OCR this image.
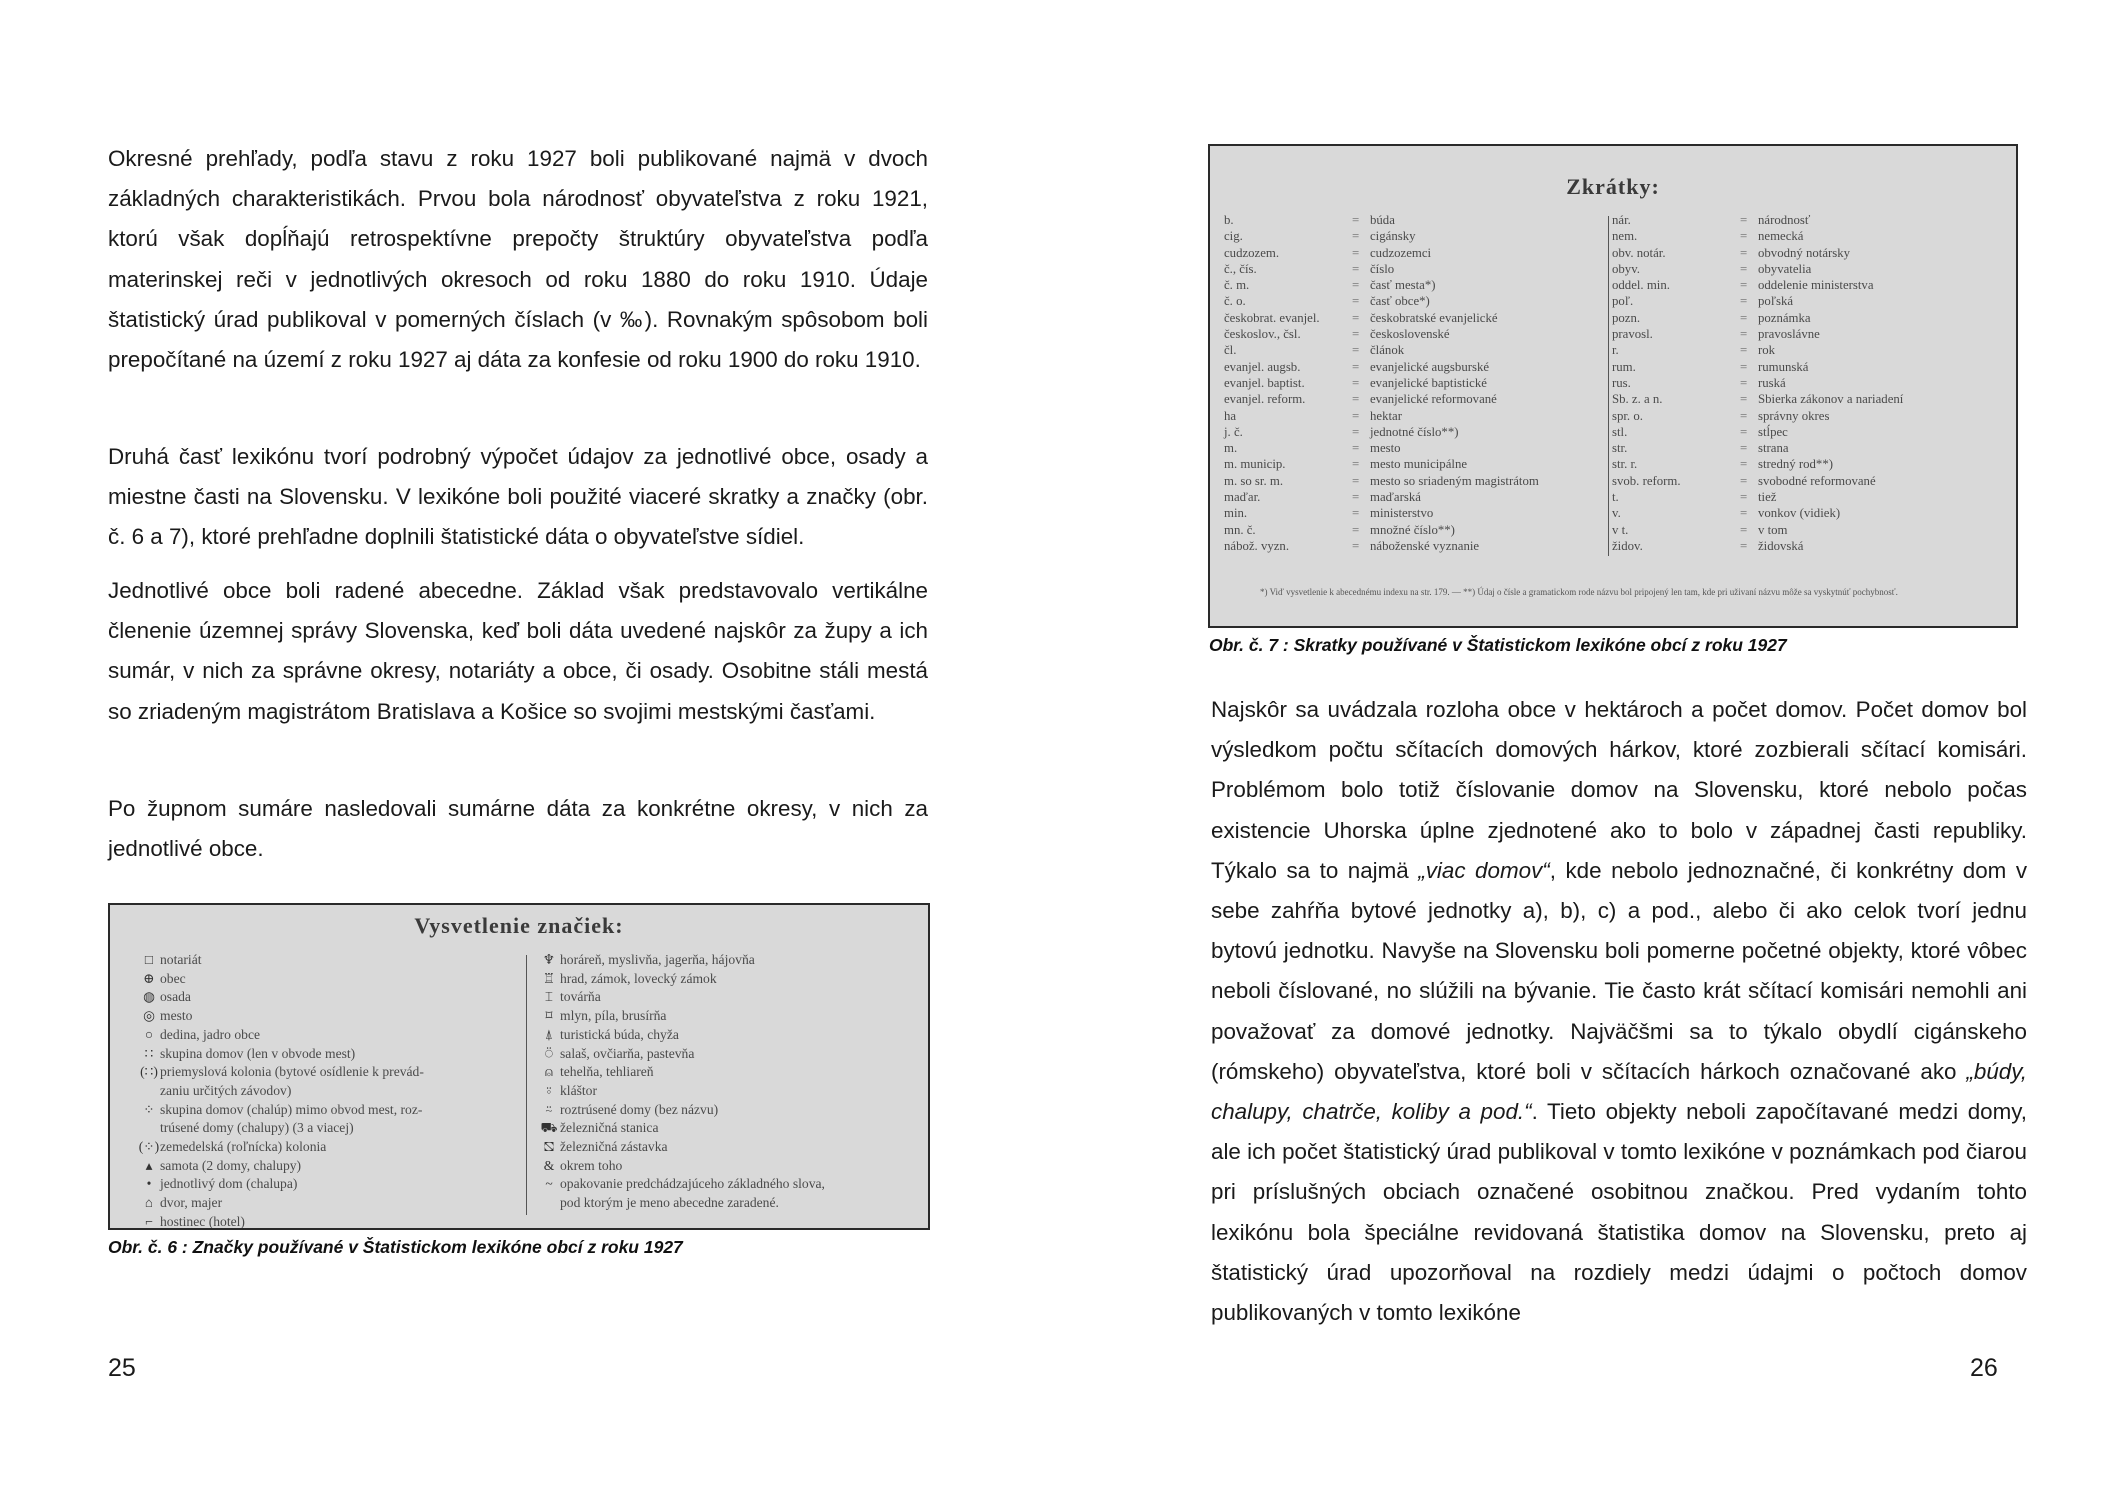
Okresné prehľady, podľa stavu z roku 1927 boli publikované najmä v dvoch základných charakteristikách. Prvou bola národnosť obyvateľstva z roku 1921, ktorú však dopĺňajú retrospektívne prepočty štruktúry obyvateľstva podľa materinskej reči v jednotlivých okresoch od roku 1880 do roku 1910. Údaje štatistický úrad publikoval v pomerných číslach (v ‰). Rovnakým spôsobom boli prepočítané na území z roku 1927 aj dáta za konfesie od roku 1900 do roku 1910.

Druhá časť lexikónu tvorí podrobný výpočet údajov za jednotlivé obce, osady a miestne časti na Slovensku. V lexikóne boli použité viaceré skratky a značky (obr. č. 6 a 7), ktoré prehľadne doplnili štatistické dáta o obyvateľstve sídiel.

Jednotlivé obce boli radené abecedne. Základ však predstavovalo vertikálne členenie územnej správy Slovenska, keď boli dáta uvedené najskôr za župy a ich sumár, v nich za správne okresy, notariáty a obce, či osady. Osobitne stáli mestá so zriadeným magistrátom Bratislava a Košice so svojimi mestskými časťami.

Po župnom sumáre nasledovali sumárne dáta za konkrétne okresy, v nich za jednotlivé obce.

Vysvetlenie značiek:
□ notariát
⊕ obec
◍ osada
◎ mesto
○ dedina, jadro obce
∷ skupina domov (len v obvode mest)
(∷) priemyslová kolonia (bytové osídlenie k prevád-
zaniu určitých závodov)
⁘ skupina domov (chalúp) mimo obvod mest, roz-
trúsené domy (chalupy) (3 a viacej)
(⁘) zemedelská (roľnícka) kolonia
▴ samota (2 domy, chalupy)
• jednotlivý dom (chalupa)
⌂ dvor, majer
⌐ hostinec (hotel)
♆ horáreň, myslivňa, jagerňa, hájovňa
♖ hrad, zámok, lovecký zámok
⌶ továrňa
⌑ mlyn, píla, brusírňa
⍋ turistická búda, chyža
⍥ salaš, ovčiarňa, pastevňa
⍝ tehelňa, tehliareň
⍤ kláštor
⍨ roztrúsené domy (bez názvu)
⛟ železničná stanica
⛞ železničná zástavka
& okrem toho
~ opakovanie predchádzajúceho základného slova,
pod ktorým je meno abecedne zaradené.
Obr. č. 6 : Značky používané v Štatistickom lexikóne obcí z roku 1927
25
Zkrátky:
b.	= búda
cig.	= cigánsky
cudzozem.	= cudzozemci
č., čís.	= číslo
č. m.	= časť mesta*)
č. o.	= časť obce*)
českobrat. evanjel.	= českobratské evanjelické
českoslov., čsl.	= československé
čl.	= článok
evanjel. augsb.	= evanjelické augsburské
evanjel. baptist.	= evanjelické baptistické
evanjel. reform.	= evanjelické reformované
ha	= hektar
j. č.	= jednotné číslo**)
m.	= mesto
m. municip.	= mesto municipálne
m. so sr. m.	= mesto so sriadeným magistrátom
maďar.	= maďarská
min.	= ministerstvo
mn. č.	= množné číslo**)
nábož. vyzn.	= náboženské vyznanie
nár.	= národnosť
nem.	= nemecká
obv. notár.	= obvodný notársky
obyv.	= obyvatelia
oddel. min.	= oddelenie ministerstva
poľ.	= poľská
pozn.	= poznámka
pravosl.	= pravoslávne
r.	= rok
rum.	= rumunská
rus.	= ruská
Sb. z. a n.	= Sbierka zákonov a nariadení
spr. o.	= správny okres
stl.	= stĺpec
str.	= strana
str. r.	= stredný rod**)
svob. reform.	= svobodné reformované
t.	= tiež
v.	= vonkov (vidiek)
v t.	= v tom
židov.	= židovská
*) Viď vysvetlenie k abecednému indexu na str. 179. — **) Údaj o čísle a gramatickom rode názvu bol pripojený len tam, kde pri uživaní názvu môže sa vyskytnúť pochybnosť.
Obr. č. 7 : Skratky používané v Štatistickom lexikóne obcí z roku 1927

Najskôr sa uvádzala rozloha obce v hektároch a počet domov. Počet domov bol výsledkom počtu sčítacích domových hárkov, ktoré zozbierali sčítací komisári. Problémom bolo totiž číslovanie domov na Slovensku, ktoré nebolo počas existencie Uhorska úplne zjednotené ako to bolo v západnej časti republiky. Týkalo sa to najmä „viac domov“, kde nebolo jednoznačné, či konkrétny dom v sebe zahŕňa bytové jednotky a), b), c) a pod., alebo či ako celok tvorí jednu bytovú jednotku. Navyše na Slovensku boli pomerne početné objekty, ktoré vôbec neboli číslované, no slúžili na bývanie. Tie často krát sčítací komisári nemohli ani považovať za domové jednotky. Najväčšmi sa to týkalo obydlí cigánskeho (rómskeho) obyvateľstva, ktoré boli v sčítacích hárkoch označované ako „búdy, chalupy, chatrče, koliby a pod.“. Tieto objekty neboli započítavané medzi domy, ale ich počet štatistický úrad publikoval v tomto lexikóne v poznámkach pod čiarou pri príslušných obciach označené osobitnou značkou. Pred vydaním tohto lexikónu bola špeciálne revidovaná štatistika domov na Slovensku, preto aj štatistický úrad upozorňoval na rozdiely medzi údajmi o počtoch domov publikovaných v tomto lexikóne

26
